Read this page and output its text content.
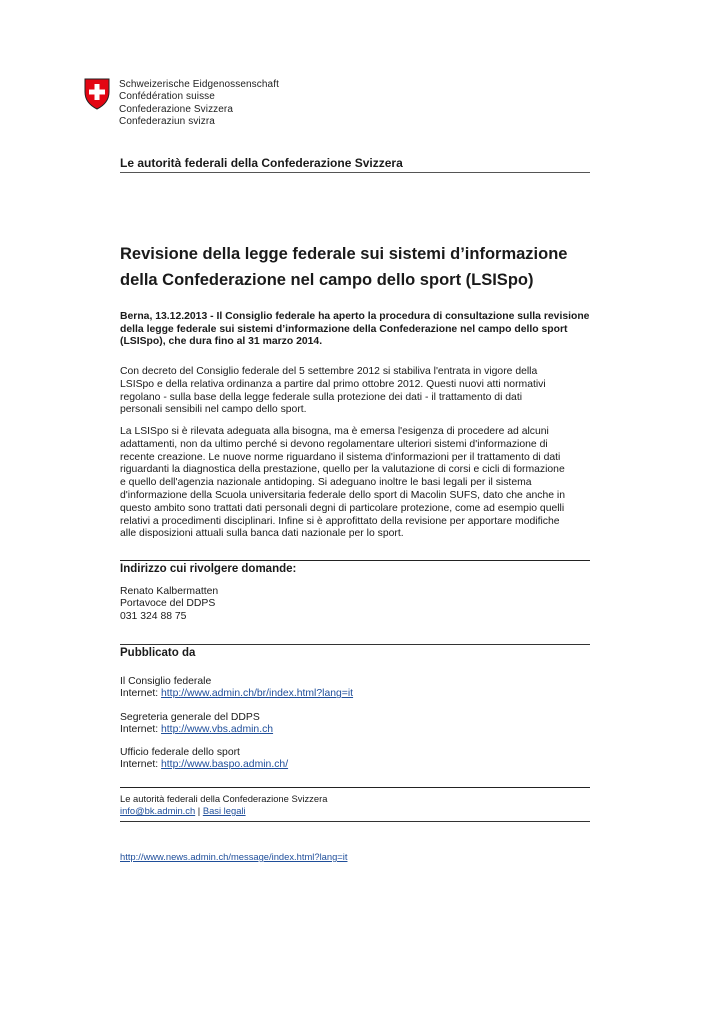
Schweizerische Eidgenossenschaft
Confédération suisse
Confederazione Svizzera
Confederaziun svizra
Le autorità federali della Confederazione Svizzera
Revisione della legge federale sui sistemi d’informazione
della Confederazione nel campo dello sport (LSISpo)
Berna, 13.12.2013 - Il Consiglio federale ha aperto la procedura di consultazione sulla revisione della legge federale sui sistemi d’informazione della Confederazione nel campo dello sport (LSISpo), che dura fino al 31 marzo 2014.
Con decreto del Consiglio federale del 5 settembre 2012 si stabiliva l'entrata in vigore della
LSISpo e della relativa ordinanza a partire dal primo ottobre 2012. Questi nuovi atti normativi
regolano - sulla base della legge federale sulla protezione dei dati - il trattamento di dati
personali sensibili nel campo dello sport.
La LSISpo si è rilevata adeguata alla bisogna, ma è emersa l'esigenza di procedere ad alcuni
adattamenti, non da ultimo perché si devono regolamentare ulteriori sistemi d'informazione di
recente creazione. Le nuove norme riguardano il sistema d'informazioni per il trattamento di dati
riguardanti la diagnostica della prestazione, quello per la valutazione di corsi e cicli di formazione
e quello dell'agenzia nazionale antidoping. Si adeguano inoltre le basi legali per il sistema
d'informazione della Scuola universitaria federale dello sport di Macolin SUFS, dato che anche in
questo ambito sono trattati dati personali degni di particolare protezione, come ad esempio quelli
relativi a procedimenti disciplinari. Infine si è approfittato della revisione per apportare modifiche
alle disposizioni attuali sulla banca dati nazionale per lo sport.
Indirizzo cui rivolgere domande:
Renato Kalbermatten
Portavoce del DDPS
031 324 88 75
Pubblicato da
Il Consiglio federale
Internet: http://www.admin.ch/br/index.html?lang=it
Segreteria generale del DDPS
Internet: http://www.vbs.admin.ch
Ufficio federale dello sport
Internet: http://www.baspo.admin.ch/
Le autorità federali della Confederazione Svizzera
info@bk.admin.ch | Basi legali
http://www.news.admin.ch/message/index.html?lang=it
